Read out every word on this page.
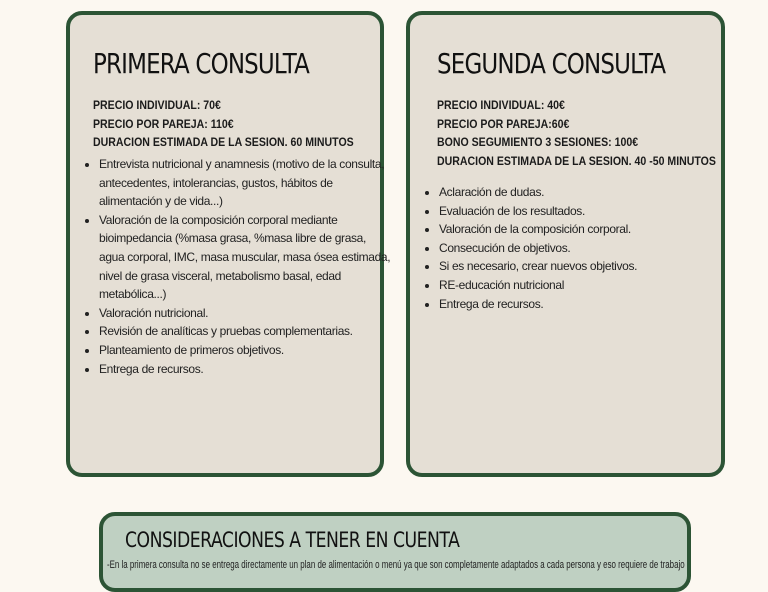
PRIMERA CONSULTA
PRECIO INDIVIDUAL: 70€
PRECIO POR PAREJA: 110€
DURACION ESTIMADA DE LA SESION. 60 MINUTOS
• Entrevista nutricional y anamnesis (motivo de la consulta, antecedentes, intolerancias, gustos, hábitos de alimentación y de vida...)
• Valoración de la composición corporal mediante bioimpedancia (%masa grasa, %masa libre de grasa, agua corporal, IMC, masa muscular, masa ósea estimada, nivel de grasa visceral, metabolismo basal, edad metabólica...)
• Valoración nutricional.
• Revisión de analíticas y pruebas complementarias.
• Planteamiento de primeros objetivos.
• Entrega de recursos.
SEGUNDA CONSULTA
PRECIO INDIVIDUAL: 40€
PRECIO POR PAREJA:60€
BONO SEGUMIENTO 3 SESIONES: 100€
DURACION ESTIMADA DE LA SESION. 40 -50 MINUTOS
• Aclaración de dudas.
• Evaluación de los resultados.
• Valoración de la composición corporal.
• Consecución de objetivos.
• Si es necesario, crear nuevos objetivos.
• RE-educación nutricional
• Entrega de recursos.
CONSIDERACIONES A TENER EN CUENTA
-En la primera consulta no se entrega directamente un plan de alimentación o menú ya que son completamente adaptados a cada persona y eso requiere de trabajo
